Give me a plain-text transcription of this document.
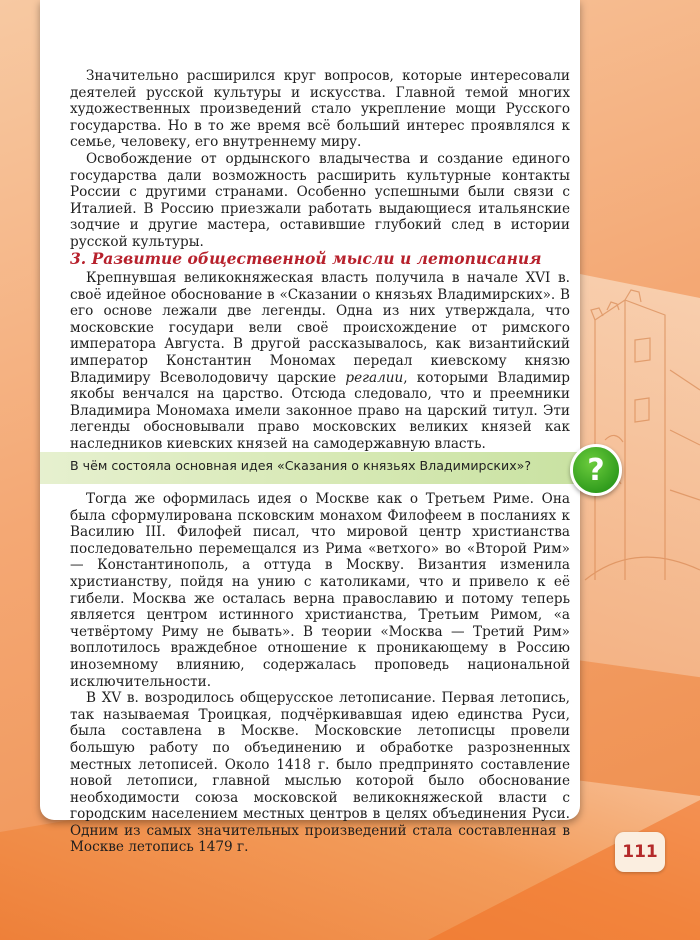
Значительно расширился круг вопросов, которые интересовали деятелей русской культуры и искусства. Главной темой многих художественных произведений стало укрепление мощи Русского государства. Но в то же время всё больший интерес проявлялся к семье, человеку, его внутреннему миру.

Освобождение от ордынского владычества и создание единого государства дали возможность расширить культурные контакты России с другими странами. Особенно успешными были связи с Италией. В Россию приезжали работать выдающиеся итальянские зодчие и другие мастера, оставившие глубокий след в истории русской культуры.

3. Развитие общественной мысли и летописания

Крепнувшая великокняжеская власть получила в начале XVI в. своё идейное обоснование в «Сказании о князьях Владимирских». В его основе лежали две легенды. Одна из них утверждала, что московские государи вели своё происхождение от римского императора Августа. В другой рассказывалось, как византийский император Константин Мономах передал киевскому князю Владимиру Всеволодовичу царские регалии, которыми Владимир якобы венчался на царство. Отсюда следовало, что и преемники Владимира Мономаха имели законное право на царский титул. Эти легенды обосновывали право московских великих князей как наследников киевских князей на самодержавную власть.

В чём состояла основная идея «Сказания о князьях Владимирских»?	?

Тогда же оформилась идея о Москве как о Третьем Риме. Она была сформулирована псковским монахом Филофеем в посланиях к Василию III. Филофей писал, что мировой центр христианства последовательно перемещался из Рима «ветхого» во «Второй Рим» — Константинополь, а оттуда в Москву. Византия изменила христианству, пойдя на унию с католиками, что и привело к её гибели. Москва же осталась верна православию и потому теперь является центром истинного христианства, Третьим Римом, «а четвёртому Риму не бывать». В теории «Москва — Третий Рим» воплотилось враждебное отношение к проникающему в Россию иноземному влиянию, содержалась проповедь национальной исключительности.

В XV в. возродилось общерусское летописание. Первая летопись, так называемая Троицкая, подчёркивавшая идею единства Руси, была составлена в Москве. Московские летописцы провели большую работу по объединению и обработке разрозненных местных летописей. Около 1418 г. было предпринято составление новой летописи, главной мыслью которой было обоснование необходимости союза московской великокняжеской власти с городским населением местных центров в целях объединения Руси. Одним из самых значительных произведений стала составленная в Москве летопись 1479 г.	111
